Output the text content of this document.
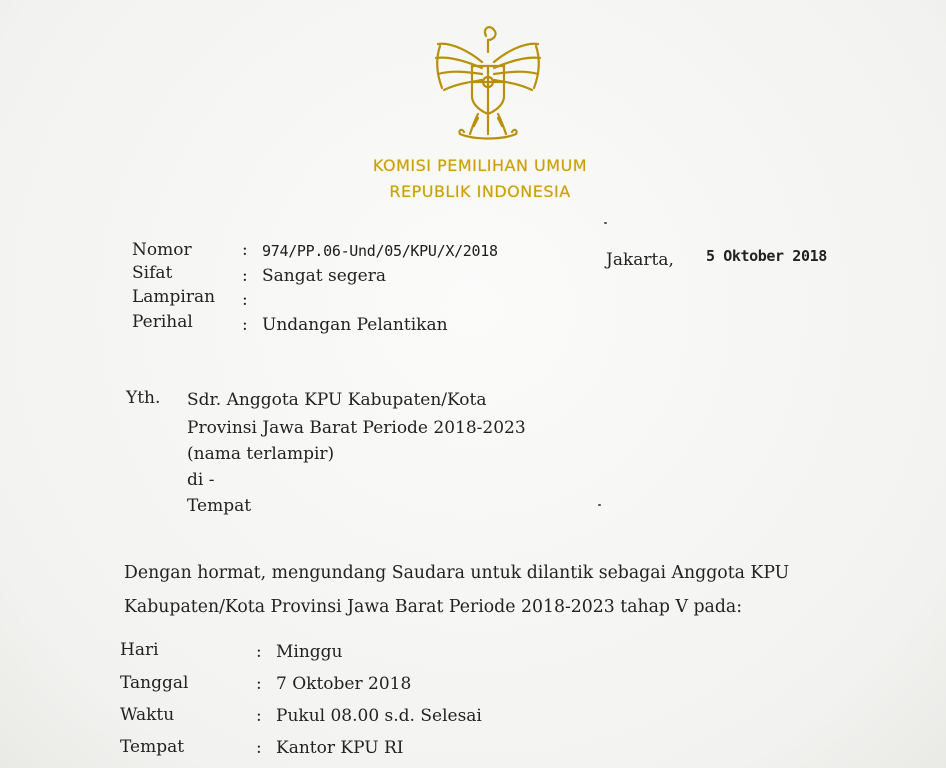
KOMISI PEMILIHAN UMUM
REPUBLIK INDONESIA
Nomor	: 974/PP.06-Und/05/KPU/X/2018
Sifat	: Sangat segera
Lampiran :
Perihal	: Undangan Pelantikan
Jakarta, 5 Oktober 2018
Yth. Sdr. Anggota KPU Kabupaten/Kota
Provinsi Jawa Barat Periode 2018-2023
(nama terlampir)
di -
Tempat
Dengan hormat, mengundang Saudara untuk dilantik sebagai Anggota KPU
Kabupaten/Kota Provinsi Jawa Barat Periode 2018-2023 tahap V pada:
Hari	: Minggu
Tanggal	: 7 Oktober 2018
Waktu	: Pukul 08.00 s.d. Selesai
Tempat	: Kantor KPU RI
